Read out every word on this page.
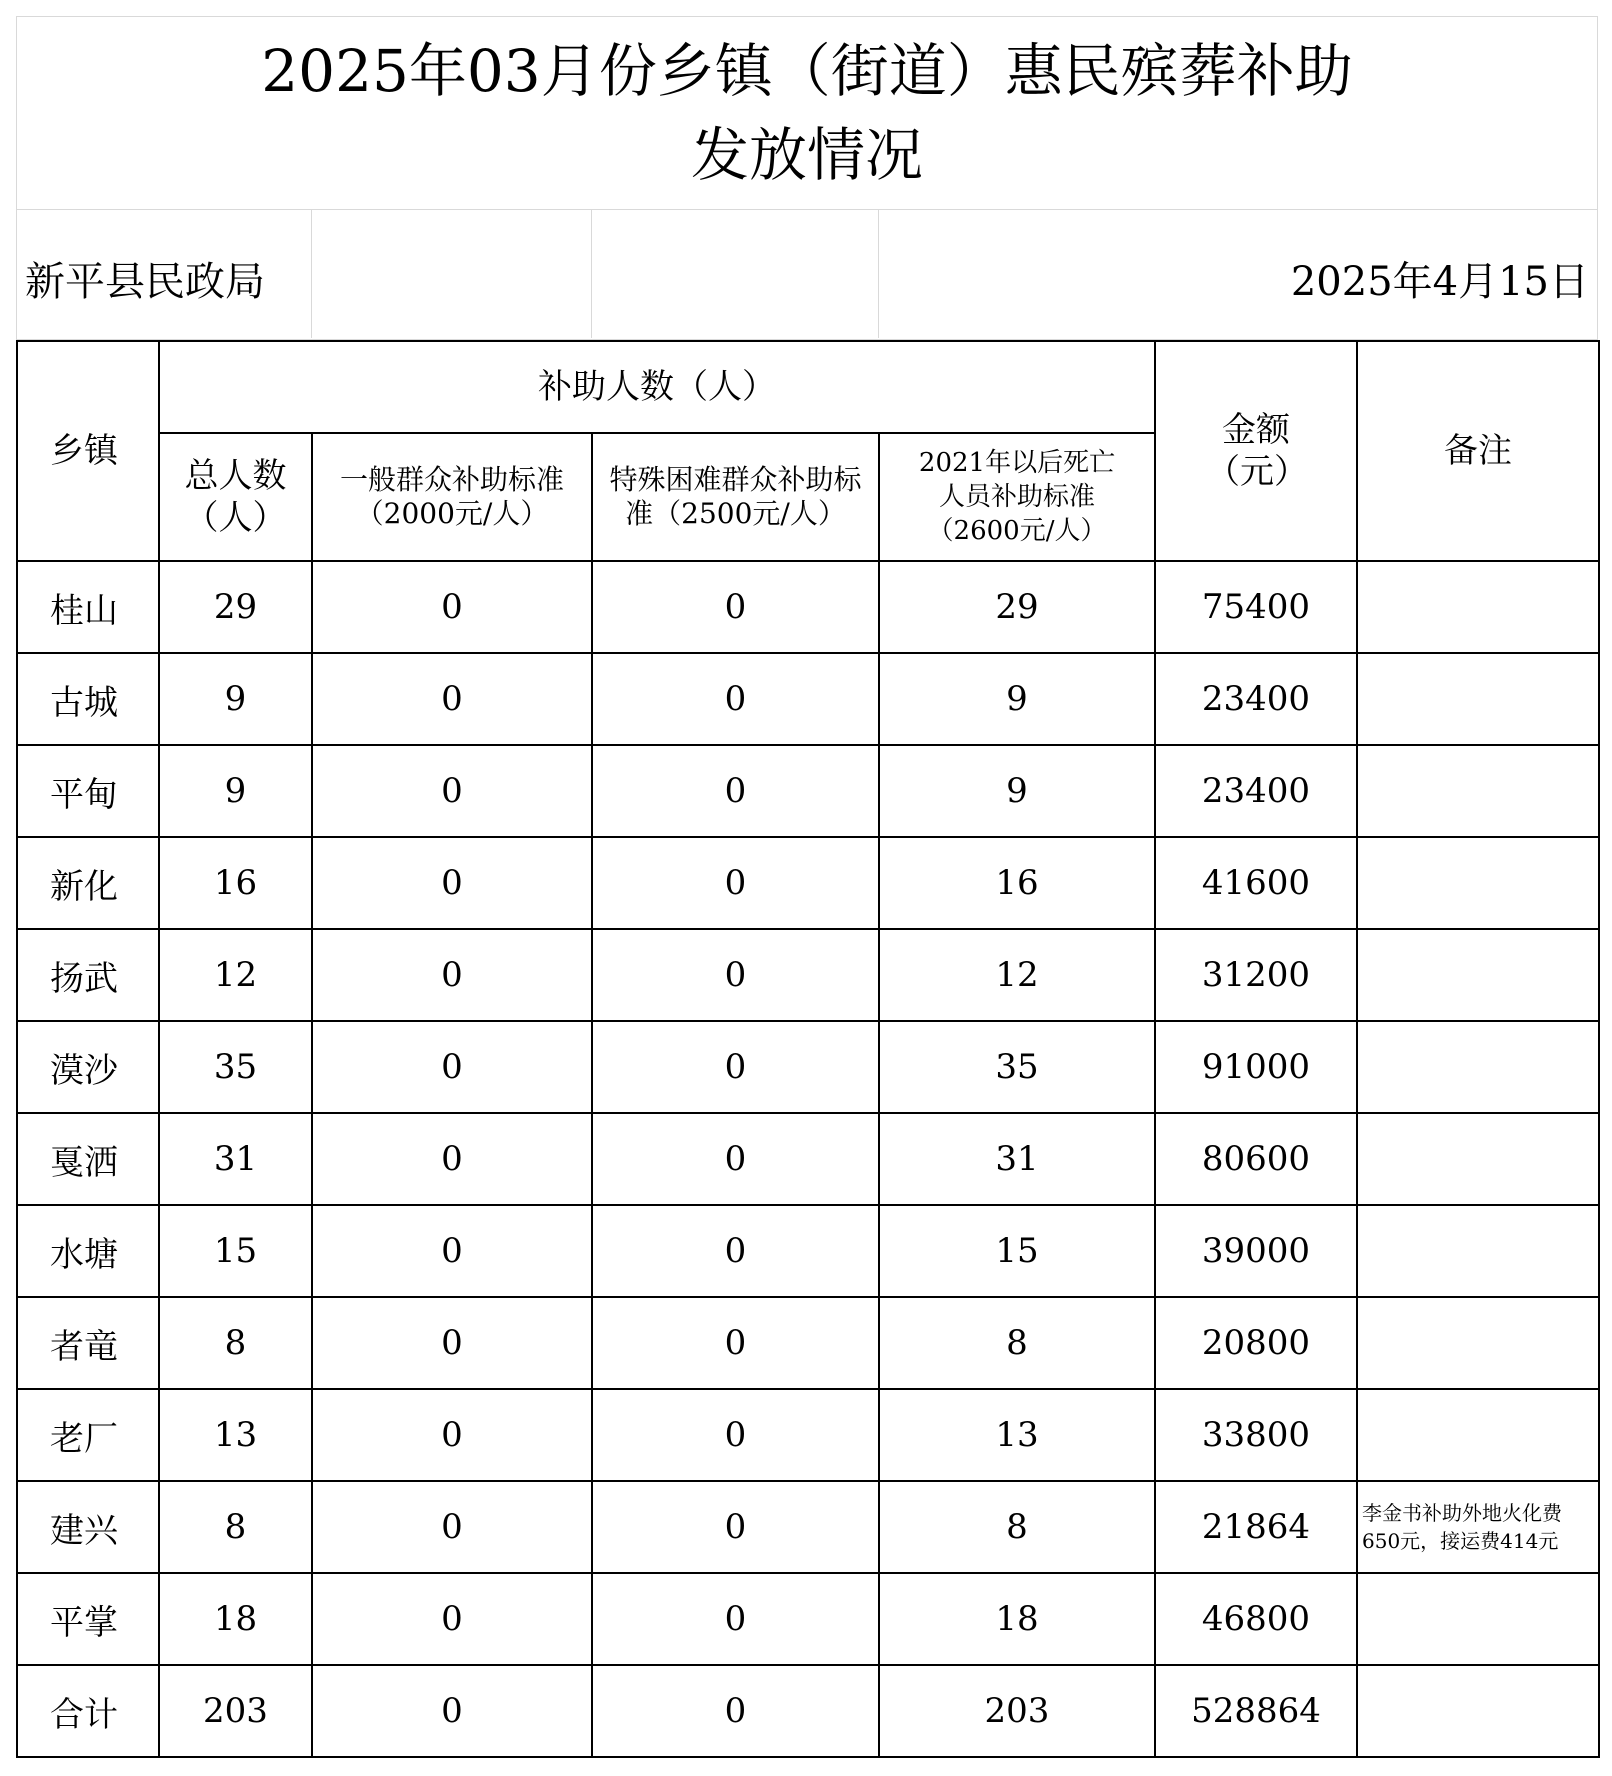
2025年03月份乡镇（街道）惠民殡葬补助
发放情况
新平县民政局	2025年4月15日
乡镇	补助人数（人）				金额（元）	备注

	总人数（人）	一般群众补助标准（2000元/人）	特殊困难群众补助标准（2500元/人）	2021年以后死亡人员补助标准（2600元/人）		

桂山	29	0	0	29	75400	
古城	9	0	0	9	23400	
平甸	9	0	0	9	23400	
新化	16	0	0	16	41600	
扬武	12	0	0	12	31200	
漠沙	35	0	0	35	91000	
戛洒	31	0	0	31	80600	
水塘	15	0	0	15	39000	
者竜	8	0	0	8	20800	
老厂	13	0	0	13	33800	
建兴	8	0	0	8	21864	李金书补助外地火化费650元，接运费414元
平掌	18	0	0	18	46800	
合计	203	0	0	203	528864	
